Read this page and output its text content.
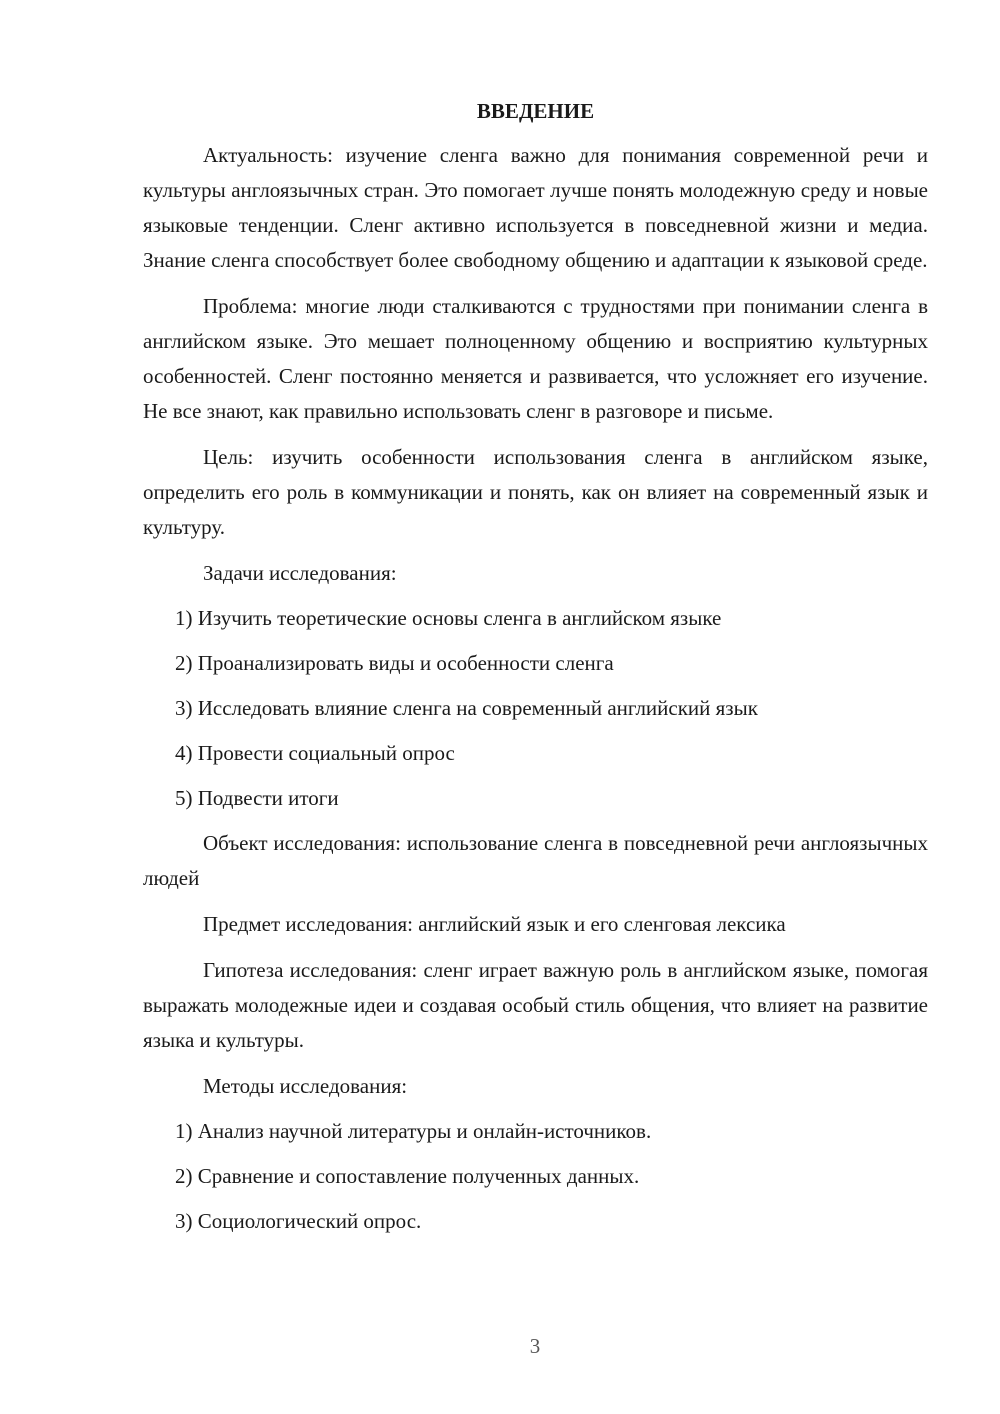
ВВЕДЕНИЕ

Актуальность: изучение сленга важно для понимания современной речи и культуры англоязычных стран. Это помогает лучше понять молодежную среду и новые языковые тенденции. Сленг активно используется в повседневной жизни и медиа. Знание сленга способствует более свободному общению и адаптации к языковой среде.

Проблема: многие люди сталкиваются с трудностями при понимании сленга в английском языке. Это мешает полноценному общению и восприятию культурных особенностей. Сленг постоянно меняется и развивается, что усложняет его изучение. Не все знают, как правильно использовать сленг в разговоре и письме.

Цель: изучить особенности использования сленга в английском языке, определить его роль в коммуникации и понять, как он влияет на современный язык и культуру.

Задачи исследования:

1) Изучить теоретические основы сленга в английском языке
2) Проанализировать виды и особенности сленга
3) Исследовать влияние сленга на современный английский язык
4) Провести социальный опрос
5) Подвести итоги

Объект исследования: использование сленга в повседневной речи англоязычных людей

Предмет исследования: английский язык и его сленговая лексика

Гипотеза исследования: сленг играет важную роль в английском языке, помогая выражать молодежные идеи и создавая особый стиль общения, что влияет на развитие языка и культуры.

Методы исследования:

1) Анализ научной литературы и онлайн-источников.
2) Сравнение и сопоставление полученных данных.
3) Социологический опрос.
3
